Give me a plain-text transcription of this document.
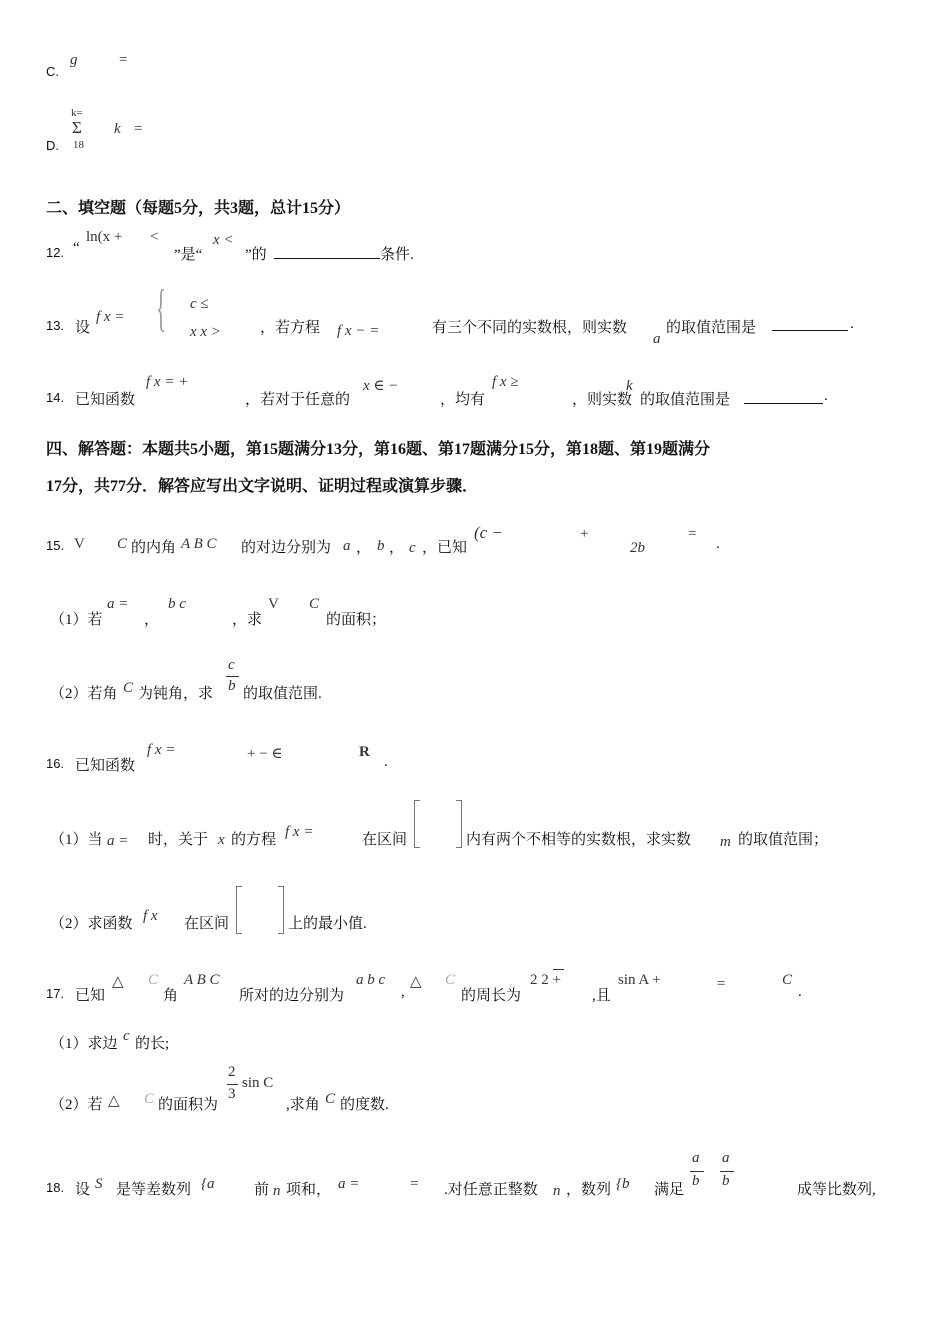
C.
g	=
D.
k=
Σ
18
k =
二、填空题（每题5分，共3题，总计15分）
12. “
ln(x + <
”是“
x <
”的	条件.
13. 设
f x = { c ≤
x x >	，若方程 f x − =	有三个不同的实数根，则实数
a
的取值范围是	.
14. 已知函数
f x = +
，若对于任意的
x ∈ −
，均有
f x ≥
，则实数
k
的取值范围是	.
四、解答题：本题共5小题，第15题满分13分，第16题、第17题满分15分，第18题、第19题满分
17分，共77分．解答应写出文字说明、证明过程或演算步骤．
15. V C 的内角 A B C 的对边分别为 a ， b ， c ，已知
(c −	+
2b
=
.
（1）若
a =
，
b c
，求
V C
的面积；
（2）若角 C 为钝角，求
c
b 的取值范围.
16. 已知函数
f x =	+ − ∈	R
.
（1）当 a = 时，关于 x 的方程 f x =	在区间	内有两个不相等的实数根，求实数 m 的取值范围；
（2）求函数 f x 在区间	上的最小值.
17. 已知
△ C
角
A B C
所对的边分别为
a b c
,
△ C
的周长为
2 2 +
,且
sin A +	=	C
.
（1）求边 c 的长;
（2）若 △ C 的面积为
2
3
sin C
,求角 C 的度数.
18. 设 S 是等差数列 {a	前 n 项和， a =	= .对任意正整数 n ，数列 {b 满足
a
b
a
b
成等比数列,
